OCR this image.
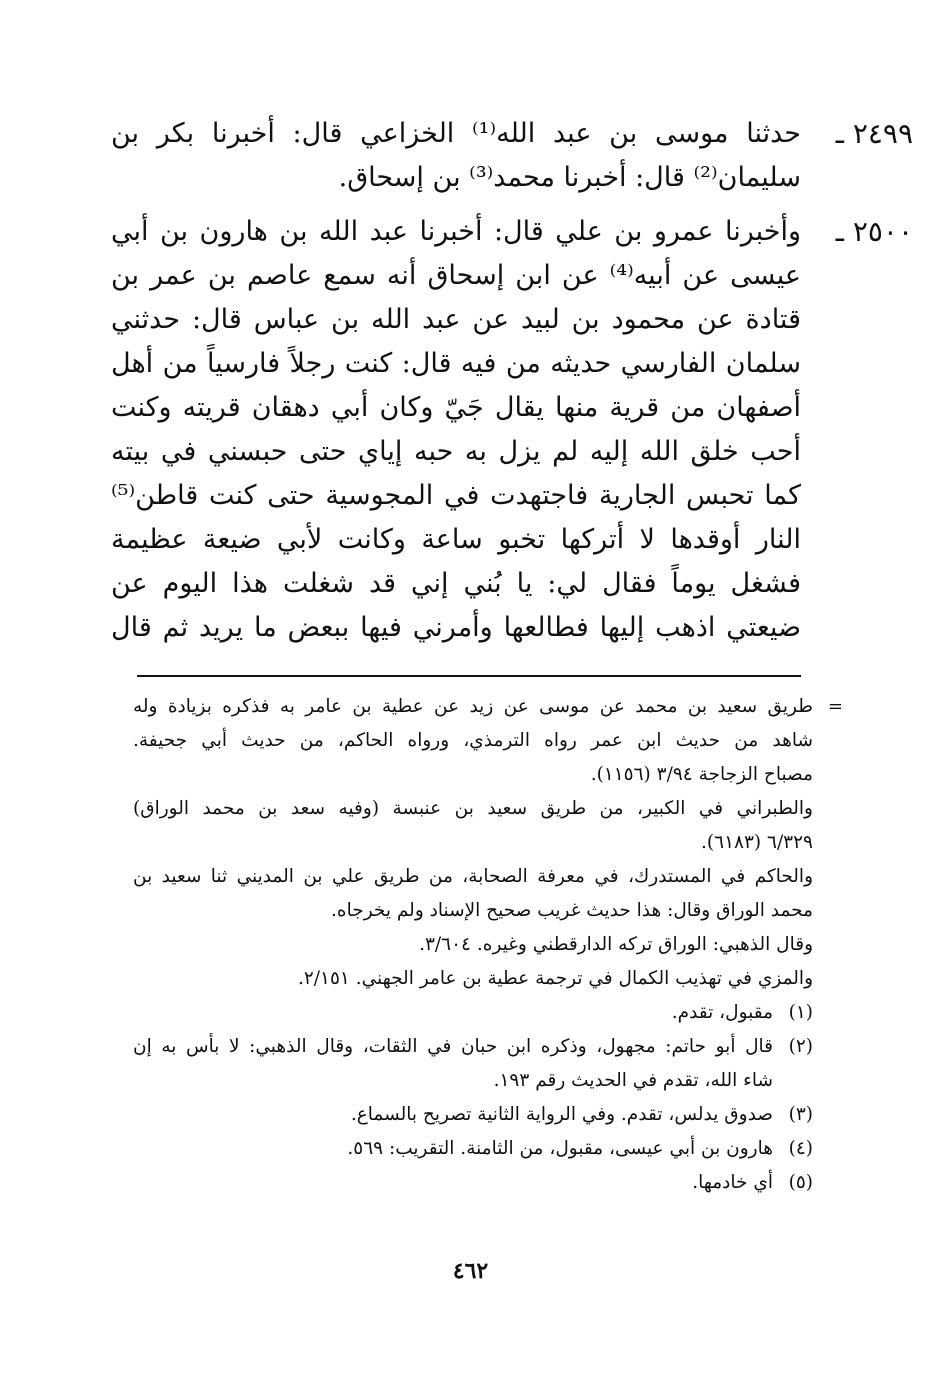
٢٤٩٩ ـ
حدثنا موسى بن عبد الله⁽¹⁾ الخزاعي قال: أخبرنا بكر بن
سليمان⁽²⁾ قال: أخبرنا محمد⁽³⁾ بن إسحاق.
٢٥٠٠ ـ
وأخبرنا عمرو بن علي قال: أخبرنا عبد الله بن هارون بن أبي
عيسى عن أبيه⁽⁴⁾ عن ابن إسحاق أنه سمع عاصم بن عمر بن
قتادة عن محمود بن لبيد عن عبد الله بن عباس قال: حدثني
سلمان الفارسي حديثه من فيه قال: كنت رجلاً فارسياً من أهل
أصفهان من قرية منها يقال جَيّ وكان أبي دهقان قريته وكنت
أحب خلق الله إليه لم يزل به حبه إياي حتى حبسني في بيته
كما تحبس الجارية فاجتهدت في المجوسية حتى كنت قاطن⁽⁵⁾
النار أوقدها لا أتركها تخبو ساعة وكانت لأبي ضيعة عظيمة
فشغل يوماً فقال لي: يا بُني إني قد شغلت هذا اليوم عن
ضيعتي اذهب إليها فطالعها وأمرني فيها ببعض ما يريد ثم قال
=
طريق سعيد بن محمد عن موسى عن زيد عن عطية بن عامر به فذكره بزيادة وله
شاهد من حديث ابن عمر رواه الترمذي، ورواه الحاكم، من حديث أبي جحيفة.
مصباح الزجاجة ٣/٩٤ (١١٥٦).
والطبراني في الكبير، من طريق سعيد بن عنبسة (وفيه سعد بن محمد الوراق)
٦/٣٢٩ (٦١٨٣).
والحاكم في المستدرك، في معرفة الصحابة، من طريق علي بن المديني ثنا سعيد بن
محمد الوراق وقال: هذا حديث غريب صحيح الإسناد ولم يخرجاه.
وقال الذهبي: الوراق تركه الدارقطني وغيره. ٣/٦٠٤.
والمزي في تهذيب الكمال في ترجمة عطية بن عامر الجهني. ٢/١٥١.
(١)
مقبول، تقدم.
(٢)
قال أبو حاتم: مجهول، وذكره ابن حبان في الثقات، وقال الذهبي: لا بأس به إن
شاء الله، تقدم في الحديث رقم ١٩٣.
(٣)
صدوق يدلس، تقدم. وفي الرواية الثانية تصريح بالسماع.
(٤)
هارون بن أبي عيسى، مقبول، من الثامنة. التقريب: ٥٦٩.
(٥)
أي خادمها.
٤٦٢
